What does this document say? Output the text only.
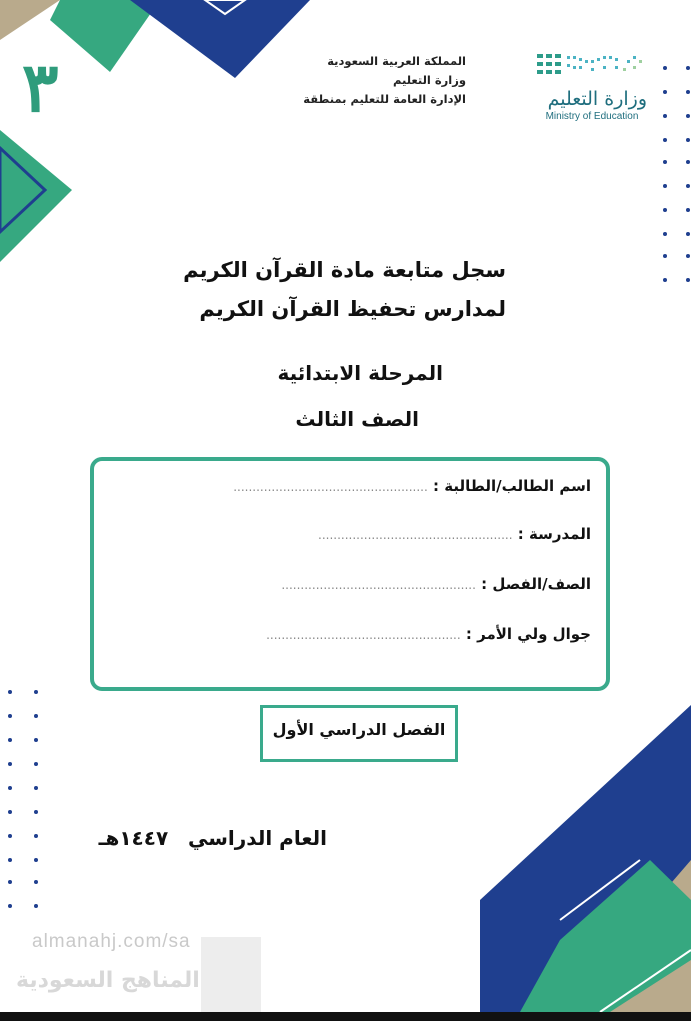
٣	المملكة العربية السعودية
وزارة التعليم
الإدارة العامة للتعليم بمنطقة	وزارة التعليم
Ministry of Education
سجل متابعة مادة القرآن الكريم
لمدارس تحفيظ القرآن الكريم
المرحلة الابتدائية
الصف الثالث
اسم الطالب/الطالبة : ...................................................
المدرسة : ...................................................
الصف/الفصل : ...................................................
جوال ولي الأمر : ...................................................
الفصل الدراسي الأول
العام الدراسي   ١٤٤٧هـ
almanahj.com/sa
المناهج السعودية
